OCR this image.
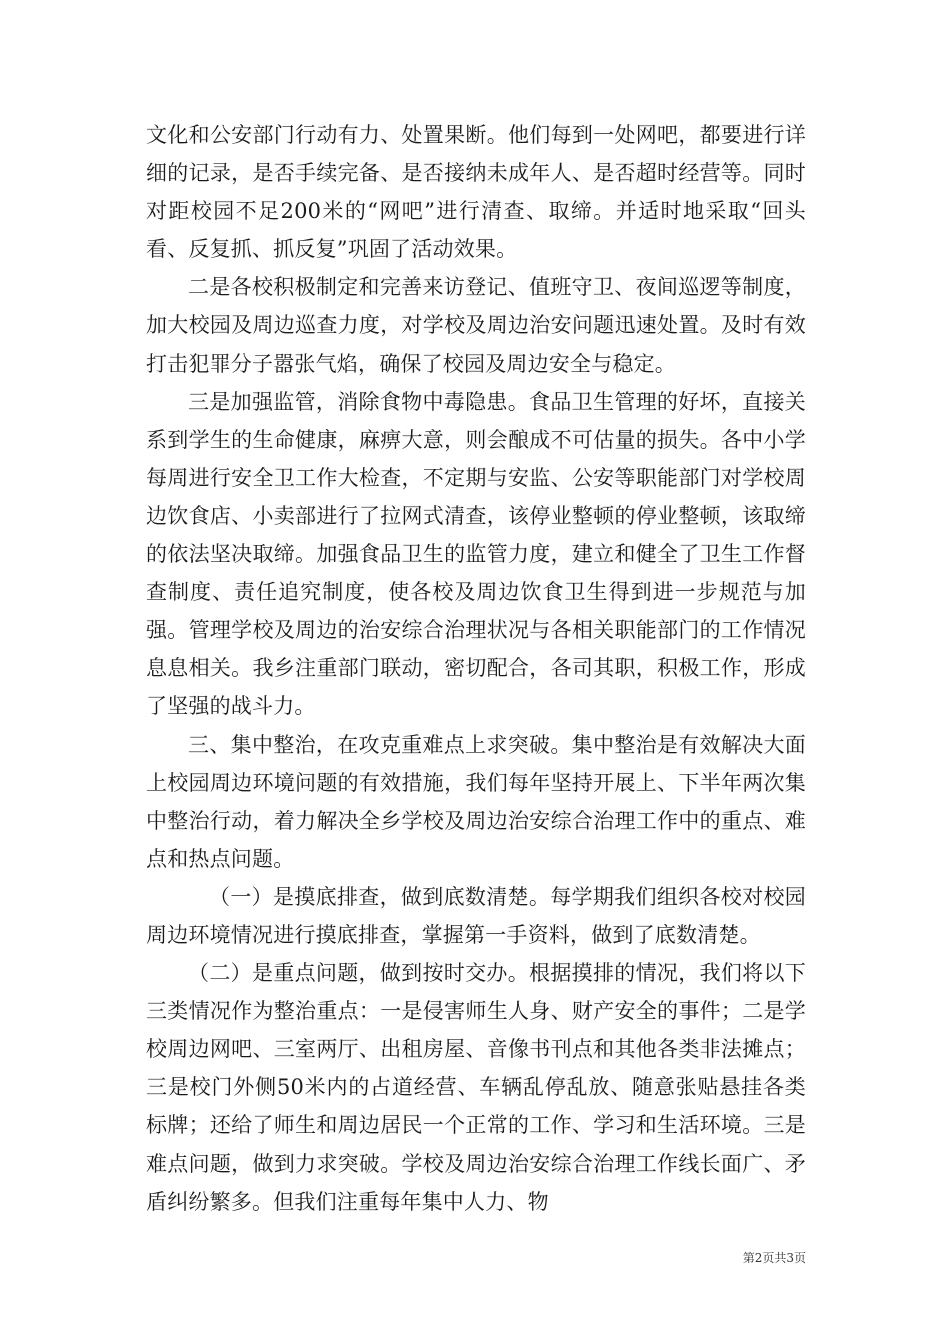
文化和公安部门行动有力、处置果断。他们每到一处网吧，都要进行详细的记录，是否手续完备、是否接纳未成年人、是否超时经营等。同时对距校园不足200米的“网吧”进行清查、取缔。并适时地采取“回头看、反复抓、抓反复”巩固了活动效果。

二是各校积极制定和完善来访登记、值班守卫、夜间巡逻等制度，加大校园及周边巡查力度，对学校及周边治安问题迅速处置。及时有效打击犯罪分子嚣张气焰，确保了校园及周边安全与稳定。

三是加强监管，消除食物中毒隐患。食品卫生管理的好坏，直接关系到学生的生命健康，麻痹大意，则会酿成不可估量的损失。各中小学每周进行安全卫工作大检查，不定期与安监、公安等职能部门对学校周边饮食店、小卖部进行了拉网式清查，该停业整顿的停业整顿，该取缔的依法坚决取缔。加强食品卫生的监管力度，建立和健全了卫生工作督查制度、责任追究制度，使各校及周边饮食卫生得到进一步规范与加强。管理学校及周边的治安综合治理状况与各相关职能部门的工作情况息息相关。我乡注重部门联动，密切配合，各司其职，积极工作，形成了坚强的战斗力。

三、集中整治，在攻克重难点上求突破。集中整治是有效解决大面上校园周边环境问题的有效措施，我们每年坚持开展上、下半年两次集中整治行动，着力解决全乡学校及周边治安综合治理工作中的重点、难点和热点问题。

（一）是摸底排查，做到底数清楚。每学期我们组织各校对校园周边环境情况进行摸底排查，掌握第一手资料，做到了底数清楚。

（二）是重点问题，做到按时交办。根据摸排的情况，我们将以下三类情况作为整治重点：一是侵害师生人身、财产安全的事件；二是学校周边网吧、三室两厅、出租房屋、音像书刊点和其他各类非法摊点；三是校门外侧50米内的占道经营、车辆乱停乱放、随意张贴悬挂各类标牌；还给了师生和周边居民一个正常的工作、学习和生活环境。三是难点问题，做到力求突破。学校及周边治安综合治理工作线长面广、矛盾纠纷繁多。但我们注重每年集中人力、物

第2页共3页
